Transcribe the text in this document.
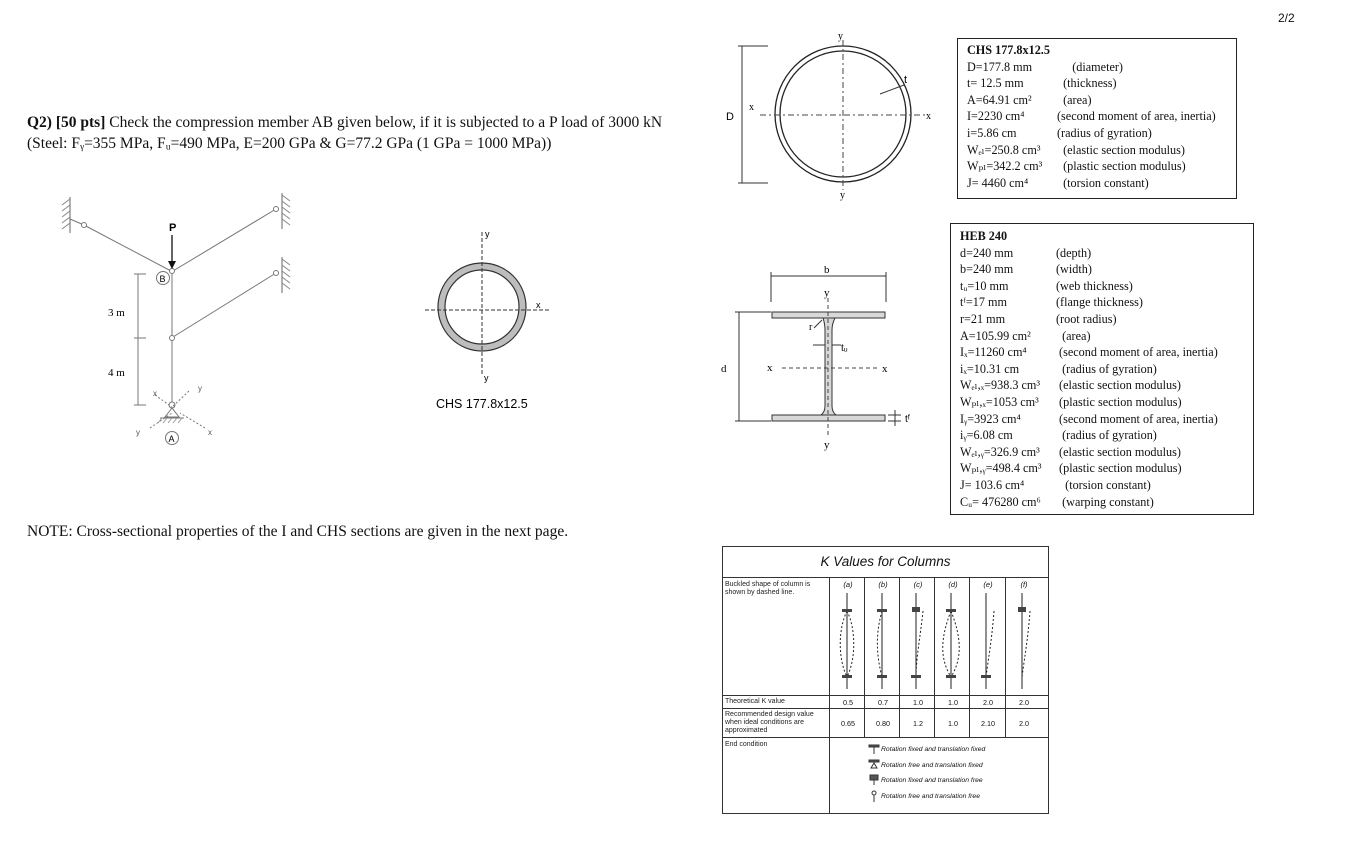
2/2
Q2) [50 pts] Check the compression member AB given below, if it is subjected to a P load of 3000 kN
(Steel: Fᵧ=355 MPa, Fᵤ=490 MPa, E=200 GPa & G=77.2 GPa (1 GPa = 1000 MPa))
P
B
A
3 m
4 m
x
y
y	x
y
x
y
CHS 177.8x12.5
NOTE: Cross-sectional properties of the I and CHS sections are given in the next page.
y
y
x
x
D
t
CHS 177.8x12.5
D=177.8 mm (diameter)
t= 12.5 mm	(thickness)
A=64.91 cm² (area)
I=2230 cm⁴	(second moment of area, inertia)
i=5.86 cm	(radius of gyration)
Wₑₗ=250.8 cm³ (elastic section modulus)
Wₚₗ=342.2 cm³ (plastic section modulus)
J= 4460 cm⁴ (torsion constant)
b
y
y
x	x
d
r
tᵤ
tᶠ
HEB 240
d=240 mm	(depth)
b=240 mm	(width)
tᵤ=10 mm	(web thickness)
tᶠ=17 mm	(flange thickness)
r=21 mm	(root radius)
A=105.99 cm² (area)
Iₓ=11260 cm⁴ (second moment of area, inertia)
iₓ=10.31 cm	(radius of gyration)
Wₑₗ,ₓ=938.3 cm³ (elastic section modulus)
Wₚₗ,ₓ=1053 cm³ (plastic section modulus)
Iᵧ=3923 cm⁴	(second moment of area, inertia)
iᵧ=6.08 cm	(radius of gyration)
Wₑₗ,ᵧ=326.9 cm³ (elastic section modulus)
Wₚₗ,ᵧ=498.4 cm³ (plastic section modulus)
J= 103.6 cm⁴	(torsion constant)
Cᵤ= 476280 cm⁶ (warping constant)
K Values for Columns
Buckled shape of column is shown by dashed line.
Theoretical K value
Recommended design value when ideal conditions are approximated
End condition
(a)	(b)	(c)	(d)	(e)	(f)
0.5	0.7	1.0	1.0	2.0	2.0
0.65	0.80	1.2	1.0	2.10	2.0
Rotation fixed and translation fixed
Rotation free and translation fixed
Rotation fixed and translation free
Rotation free and translation free
